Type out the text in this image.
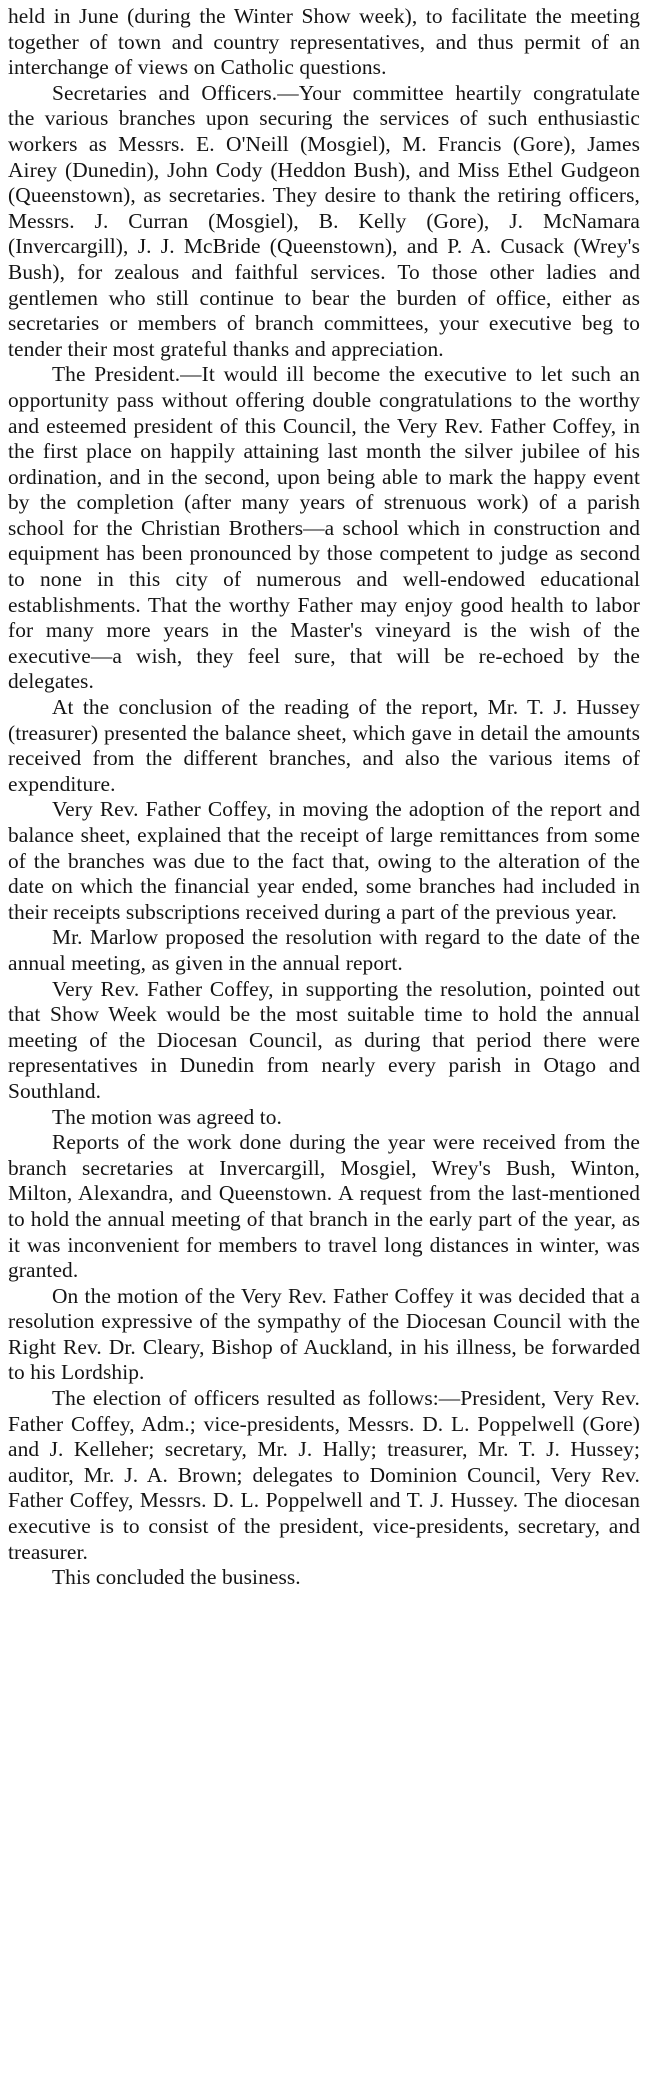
held in June (during the Winter Show week), to facilitate the meeting together of town and country representatives, and thus permit of an interchange of views on Catholic questions.

Secretaries and Officers.—Your committee heartily congratulate the various branches upon securing the services of such enthusiastic workers as Messrs. E. O'Neill (Mosgiel), M. Francis (Gore), James Airey (Dunedin), John Cody (Heddon Bush), and Miss Ethel Gudgeon (Queenstown), as secretaries. They desire to thank the retiring officers, Messrs. J. Curran (Mosgiel), B. Kelly (Gore), J. McNamara (Invercargill), J. J. McBride (Queenstown), and P. A. Cusack (Wrey's Bush), for zealous and faithful services. To those other ladies and gentlemen who still continue to bear the burden of office, either as secretaries or members of branch committees, your executive beg to tender their most grateful thanks and appreciation.

The President.—It would ill become the executive to let such an opportunity pass without offering double congratulations to the worthy and esteemed president of this Council, the Very Rev. Father Coffey, in the first place on happily attaining last month the silver jubilee of his ordination, and in the second, upon being able to mark the happy event by the completion (after many years of strenuous work) of a parish school for the Christian Brothers—a school which in construction and equipment has been pronounced by those competent to judge as second to none in this city of numerous and well-endowed educational establishments. That the worthy Father may enjoy good health to labor for many more years in the Master's vineyard is the wish of the executive—a wish, they feel sure, that will be re-echoed by the delegates.

At the conclusion of the reading of the report, Mr. T. J. Hussey (treasurer) presented the balance sheet, which gave in detail the amounts received from the different branches, and also the various items of expenditure.

Very Rev. Father Coffey, in moving the adoption of the report and balance sheet, explained that the receipt of large remittances from some of the branches was due to the fact that, owing to the alteration of the date on which the financial year ended, some branches had included in their receipts subscriptions received during a part of the previous year.

Mr. Marlow proposed the resolution with regard to the date of the annual meeting, as given in the annual report.

Very Rev. Father Coffey, in supporting the resolution, pointed out that Show Week would be the most suitable time to hold the annual meeting of the Diocesan Council, as during that period there were representatives in Dunedin from nearly every parish in Otago and Southland.

The motion was agreed to.

Reports of the work done during the year were received from the branch secretaries at Invercargill, Mosgiel, Wrey's Bush, Winton, Milton, Alexandra, and Queenstown. A request from the last-mentioned to hold the annual meeting of that branch in the early part of the year, as it was inconvenient for members to travel long distances in winter, was granted.

On the motion of the Very Rev. Father Coffey it was decided that a resolution expressive of the sympathy of the Diocesan Council with the Right Rev. Dr. Cleary, Bishop of Auckland, in his illness, be forwarded to his Lordship.

The election of officers resulted as follows:—President, Very Rev. Father Coffey, Adm.; vice-presidents, Messrs. D. L. Poppelwell (Gore) and J. Kelleher; secretary, Mr. J. Hally; treasurer, Mr. T. J. Hussey; auditor, Mr. J. A. Brown; delegates to Dominion Council, Very Rev. Father Coffey, Messrs. D. L. Poppelwell and T. J. Hussey. The diocesan executive is to consist of the president, vice-presidents, secretary, and treasurer.

This concluded the business.
